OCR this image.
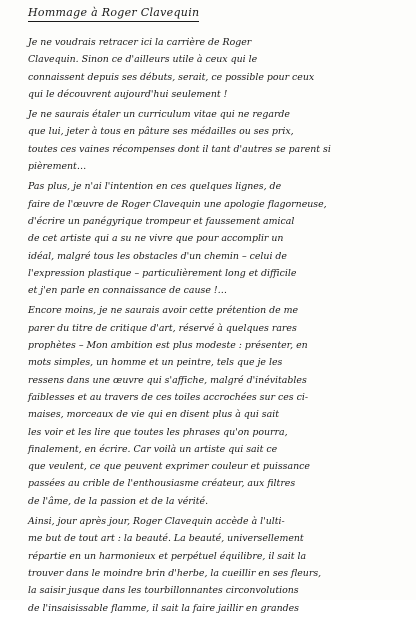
Hommage à Roger Clavequin
Je ne voudrais retracer ici la carrière de Roger
Clavequin. Sinon ce d'ailleurs utile à ceux qui le
connaissent depuis ses débuts, serait, ce possible pour ceux
qui le découvrent aujourd'hui seulement !
Je ne saurais étaler un curriculum vitae qui ne regarde
que lui, jeter à tous en pâture ses médailles ou ses prix,
toutes ces vaines récompenses dont il tant d'autres se parent si
pièrement…
Pas plus, je n'ai l'intention en ces quelques lignes, de
faire de l'œuvre de Roger Clavequin une apologie flagorneuse,
d'écrire un panégyrique trompeur et faussement amical
de cet artiste qui a su ne vivre que pour accomplir un
idéal, malgré tous les obstacles d'un chemin – celui de
l'expression plastique – particulièrement long et difficile
et j'en parle en connaissance de cause !…
Encore moins, je ne saurais avoir cette prétention de me
parer du titre de critique d'art, réservé à quelques rares
prophètes – Mon ambition est plus modeste : présenter, en
mots simples, un homme et un peintre, tels que je les
ressens dans une œuvre qui s'affiche, malgré d'inévitables
faiblesses et au travers de ces toiles accrochées sur ces ci-
maises, morceaux de vie qui en disent plus à qui sait
les voir et les lire que toutes les phrases qu'on pourra,
finalement, en écrire. Car voilà un artiste qui sait ce
que veulent, ce que peuvent exprimer couleur et puissance
passées au crible de l'enthousiasme créateur, aux filtres
de l'âme, de la passion et de la vérité.
Ainsi, jour après jour, Roger Clavequin accède à l'ulti-
me but de tout art : la beauté. La beauté, universellement
répartie en un harmonieux et perpétuel équilibre, il sait la
trouver dans le moindre brin d'herbe, la cueillir en ses fleurs,
la saisir jusque dans les tourbillonnantes circonvolutions
de l'insaisissable flamme, il sait la faire jaillir en grandes
